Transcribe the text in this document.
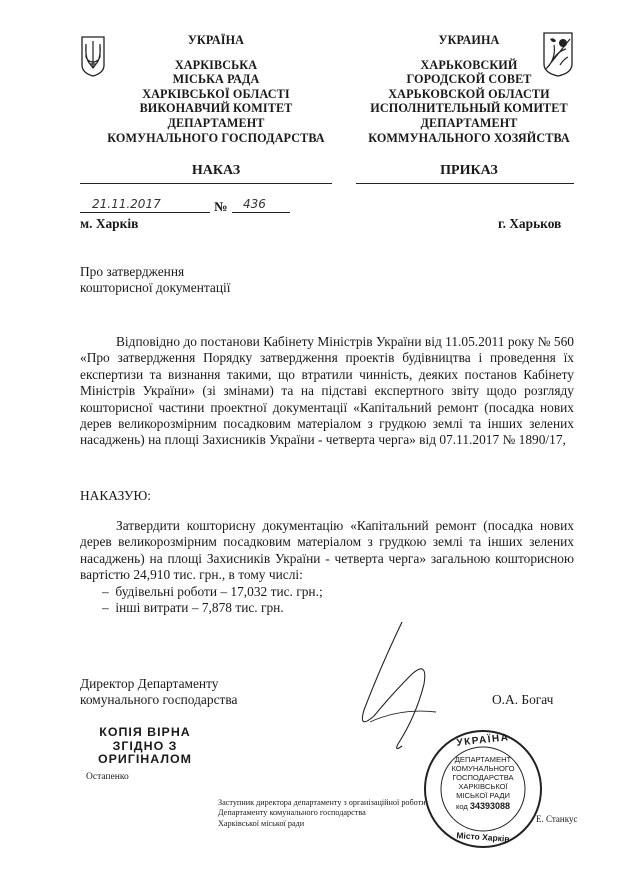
УКРАЇНА
ХАРКІВСЬКА
МІСЬКА РАДА
ХАРКІВСЬКОЇ ОБЛАСТІ
ВИКОНАВЧИЙ КОМІТЕТ
ДЕПАРТАМЕНТ
КОМУНАЛЬНОГО ГОСПОДАРСТВА
УКРАИНА
ХАРЬКОВСКИЙ
ГОРОДСКОЙ СОВЕТ
ХАРЬКОВСКОЙ ОБЛАСТИ
ИСПОЛНИТЕЛЬНЫЙ КОМИТЕТ
ДЕПАРТАМЕНТ
КОММУНАЛЬНОГО ХОЗЯЙСТВА
НАКАЗ	ПРИКАЗ
21.11.2017	№ 436
м. Харків	г. Харьков
Про затвердження
кошторисної документації
Відповідно до постанови Кабінету Міністрів України від 11.05.2011 року № 560 «Про затвердження Порядку затвердження проектів будівництва і проведення їх експертизи та визнання такими, що втратили чинність, деяких постанов Кабінету Міністрів України» (зі змінами) та на підставі експертного звіту щодо розгляду кошторисної частини проектної документації «Капітальний ремонт (посадка нових дерев великорозмірним посадковим матеріалом з грудкою землі та інших зелених насаджень) на площі Захисників України - четверта черга» від 07.11.2017 № 1890/17,
НАКАЗУЮ:
Затвердити кошторисну документацію «Капітальний ремонт (посадка нових дерев великорозмірним посадковим матеріалом з грудкою землі та інших зелених насаджень) на площі Захисників України - четверта черга» загальною кошторисною вартістю 24,910 тис. грн., в тому числі:
–  будівельні роботи – 17,032 тис. грн.;
–  інші витрати – 7,878 тис. грн.
Директор Департаменту
комунального господарства	О.А. Богач
КОПІЯ ВІРНА
ЗГІДНО З
ОРИГІНАЛОМ
Остапенко
Заступник директора департаменту з організаційної роботи
Департаменту комунального господарства
Харківської міської ради	Е. Станкус
УКРАЇНА
ДЕПАРТАМЕНТ
КОМУНАЛЬНОГО
ГОСПОДАРСТВА
ХАРКІВСЬКОЇ
МІСЬКОЇ РАДИ
код 34393088
Місто Харків
